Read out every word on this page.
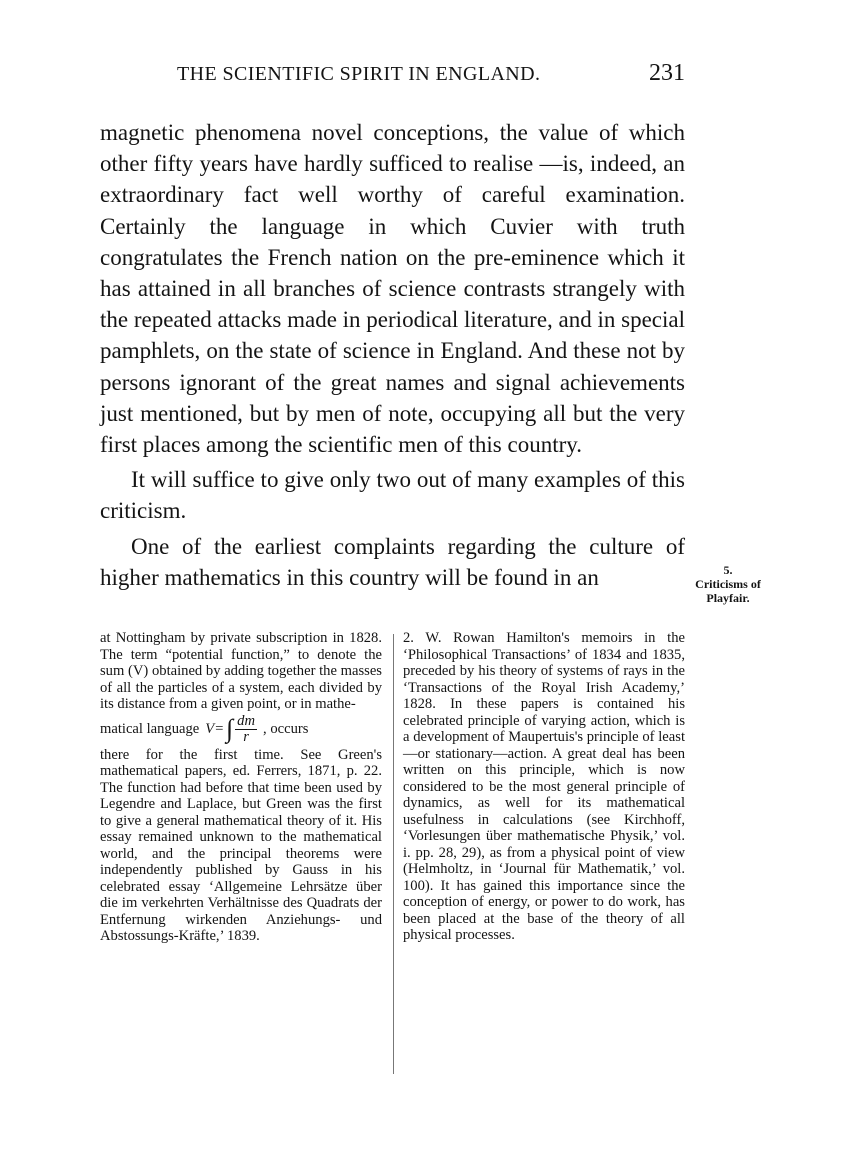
THE SCIENTIFIC SPIRIT IN ENGLAND.	231

magnetic phenomena novel conceptions, the value of which other fifty years have hardly sufficed to realise —is, indeed, an extraordinary fact well worthy of careful examination. Certainly the language in which Cuvier with truth congratulates the French nation on the pre-eminence which it has attained in all branches of science contrasts strangely with the repeated attacks made in periodical literature, and in special pamphlets, on the state of science in England. And these not by persons ignorant of the great names and signal achievements just mentioned, but by men of note, occupying all but the very first places among the scientific men of this country.

It will suffice to give only two out of many examples of this criticism.

One of the earliest complaints regarding the culture of higher mathematics in this country will be found in an	5.
Criticisms of Playfair.
at Nottingham by private subscription in 1828. The term “potential function,” to denote the sum (V) obtained by adding together the masses of all the particles of a system, each divided by its distance from a given point, or in mathe-
matical language V= ∫ $\frac{dm}{r}$ , occurs
there for the first time. See Green's mathematical papers, ed. Ferrers, 1871, p. 22. The function had before that time been used by Legendre and Laplace, but Green was the first to give a general mathematical theory of it. His essay remained unknown to the mathematical world, and the principal theorems were independently published by Gauss in his celebrated essay ‘Allgemeine Lehrsätze über die im verkehrten Verhältnisse des Quadrats der Entfernung wirkenden Anziehungs- und Abstossungs-Kräfte,’ 1839.
2. W. Rowan Hamilton's memoirs in the ‘Philosophical Transactions’ of 1834 and 1835, preceded by his theory of systems of rays in the ‘Transactions of the Royal Irish Academy,’ 1828. In these papers is contained his celebrated principle of varying action, which is a development of Maupertuis's principle of least—or stationary—action. A great deal has been written on this principle, which is now considered to be the most general principle of dynamics, as well for its mathematical usefulness in calculations (see Kirchhoff, ‘Vorlesungen über mathematische Physik,’ vol. i. pp. 28, 29), as from a physical point of view (Helmholtz, in ‘Journal für Mathematik,’ vol. 100). It has gained this importance since the conception of energy, or power to do work, has been placed at the base of the theory of all physical processes.
